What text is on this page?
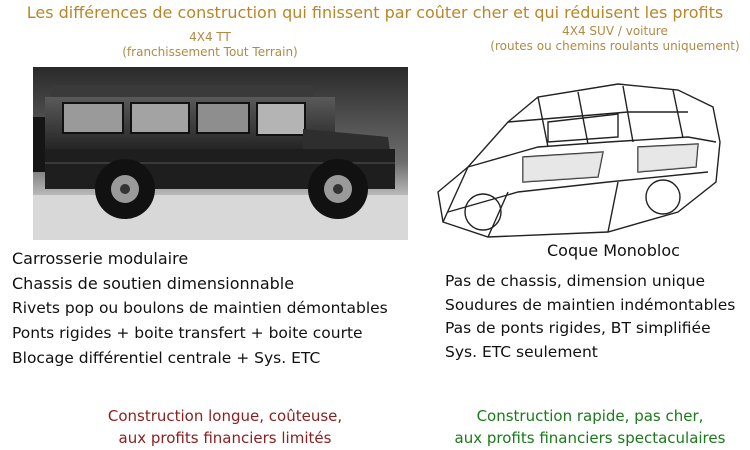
Les différences de construction qui finissent par coûter cher et qui réduisent les profits
4X4 TT
(franchissement Tout Terrain)
4X4 SUV / voiture
(routes ou chemins roulants uniquement)
Carrosserie modulaire
Chassis de soutien dimensionnable
Rivets pop ou boulons de maintien démontables
Ponts rigides + boite transfert + boite courte
Blocage différentiel centrale + Sys. ETC
Coque Monobloc
Pas de chassis, dimension unique
Soudures de maintien indémontables
Pas de ponts rigides, BT simplifiée
Sys. ETC seulement
Construction longue, coûteuse,
aux profits financiers limités
Construction rapide, pas cher,
aux profits financiers spectaculaires
